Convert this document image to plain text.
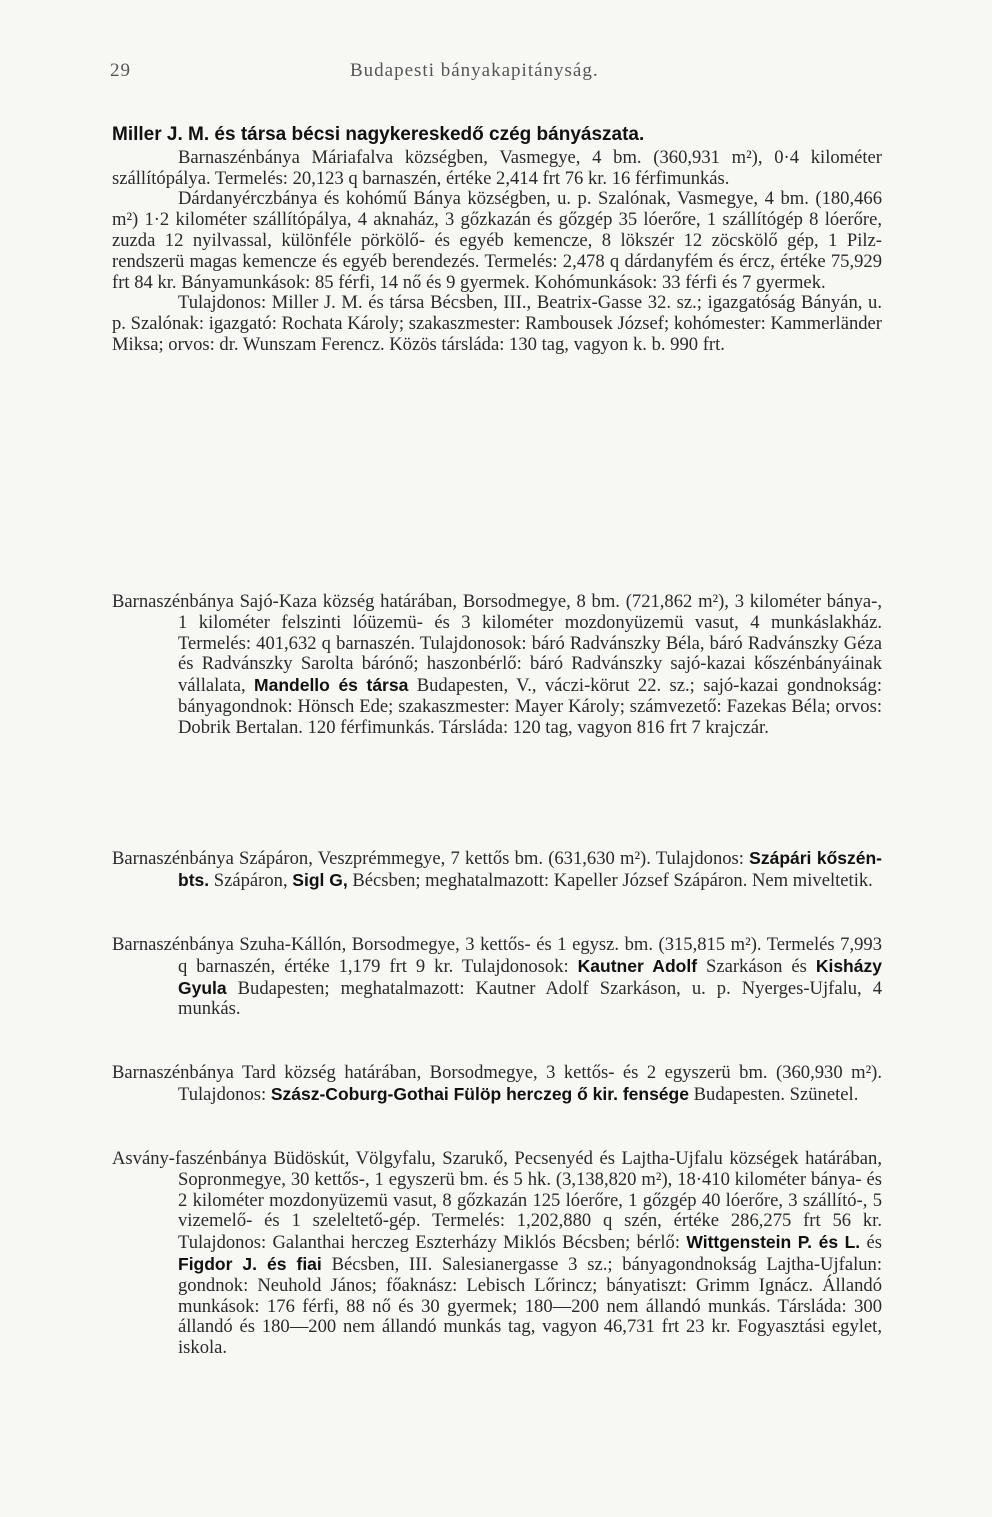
29	Budapesti bányakapitányság.
Miller J. M. és társa bécsi nagykereskedő czég bányászata.

Barnaszénbánya Máriafalva községben, Vasmegye, 4 bm. (360,931 m²), 0·4 kilométer szállítópálya. Termelés: 20,123 q barnaszén, értéke 2,414 frt 76 kr. 16 férfimunkás.

Dárdanyérczbánya és kohómű Bánya községben, u. p. Szalónak, Vasmegye, 4 bm. (180,466 m²) 1·2 kilométer szállítópálya, 4 aknaház, 3 gőzkazán és gőzgép 35 lóerőre, 1 szállítógép 8 lóerőre, zuzda 12 nyilvassal, különféle pörkölő- és egyéb kemencze, 8 lökszér 12 zöcskölő gép, 1 Pilz-rendszerü magas kemencze és egyéb berendezés. Termelés: 2,478 q dárdanyfém és ércz, értéke 75,929 frt 84 kr. Bányamunkások: 85 férfi, 14 nő és 9 gyermek. Kohómunkások: 33 férfi és 7 gyermek.

Tulajdonos: Miller J. M. és társa Bécsben, III., Beatrix-Gasse 32. sz.; igazgatóság Bányán, u. p. Szalónak: igazgató: Rochata Károly; szakaszmester: Rambousek József; kohómester: Kammerländer Miksa; orvos: dr. Wunszam Ferencz. Közös társláda: 130 tag, vagyon k. b. 990 frt.

Barnaszénbánya Sajó-Kaza község határában, Borsodmegye, 8 bm. (721,862 m²), 3 kilométer bánya-, 1 kilométer felszinti lóüzemü- és 3 kilométer mozdonyüzemü vasut, 4 munkáslakház. Termelés: 401,632 q barnaszén. Tulajdonosok: báró Radvánszky Béla, báró Radvánszky Géza és Radvánszky Sarolta bárónő; haszonbérlő: báró Radvánszky sajó-kazai kőszénbányáinak vállalata, Mandello és társa Budapesten, V., váczi-körut 22. sz.; sajó-kazai gondnokság: bányagondnok: Hönsch Ede; szakaszmester: Mayer Károly; számvezető: Fazekas Béla; orvos: Dobrik Bertalan. 120 férfimunkás. Társláda: 120 tag, vagyon 816 frt 7 krajczár.

Barnaszénbánya Szápáron, Veszprémmegye, 7 kettős bm. (631,630 m²). Tulajdonos: Szápári kőszén-bts. Szápáron, Sigl G, Bécsben; meghatalmazott: Kapeller József Szápáron. Nem miveltetik.

Barnaszénbánya Szuha-Kállón, Borsodmegye, 3 kettős- és 1 egysz. bm. (315,815 m²). Termelés 7,993 q barnaszén, értéke 1,179 frt 9 kr. Tulajdonosok: Kautner Adolf Szarkáson és Kisházy Gyula Budapesten; meghatalmazott: Kautner Adolf Szarkáson, u. p. Nyerges-Ujfalu, 4 munkás.

Barnaszénbánya Tard község határában, Borsodmegye, 3 kettős- és 2 egyszerü bm. (360,930 m²). Tulajdonos: Szász-Coburg-Gothai Fülöp herczeg ő kir. fensége Budapesten. Szünetel.

Asvány-faszénbánya Büdöskút, Völgyfalu, Szarukő, Pecsenyéd és Lajtha-Ujfalu községek határában, Sopronmegye, 30 kettős-, 1 egyszerü bm. és 5 hk. (3,138,820 m²), 18·410 kilométer bánya- és 2 kilométer mozdonyüzemü vasut, 8 gőzkazán 125 lóerőre, 1 gőzgép 40 lóerőre, 3 szállító-, 5 vizemelő- és 1 szeleltető-gép. Termelés: 1,202,880 q szén, értéke 286,275 frt 56 kr. Tulajdonos: Galanthai herczeg Eszterházy Miklós Bécsben; bérlő: Wittgenstein P. és L. és Figdor J. és fiai Bécsben, III. Salesianergasse 3 sz.; bányagondnokság Lajtha-Ujfalun: gondnok: Neuhold János; főaknász: Lebisch Lőrincz; bányatiszt: Grimm Ignácz. Állandó munkások: 176 férfi, 88 nő és 30 gyermek; 180—200 nem állandó munkás. Társláda: 300 állandó és 180—200 nem állandó munkás tag, vagyon 46,731 frt 23 kr. Fogyasztási egylet, iskola.
